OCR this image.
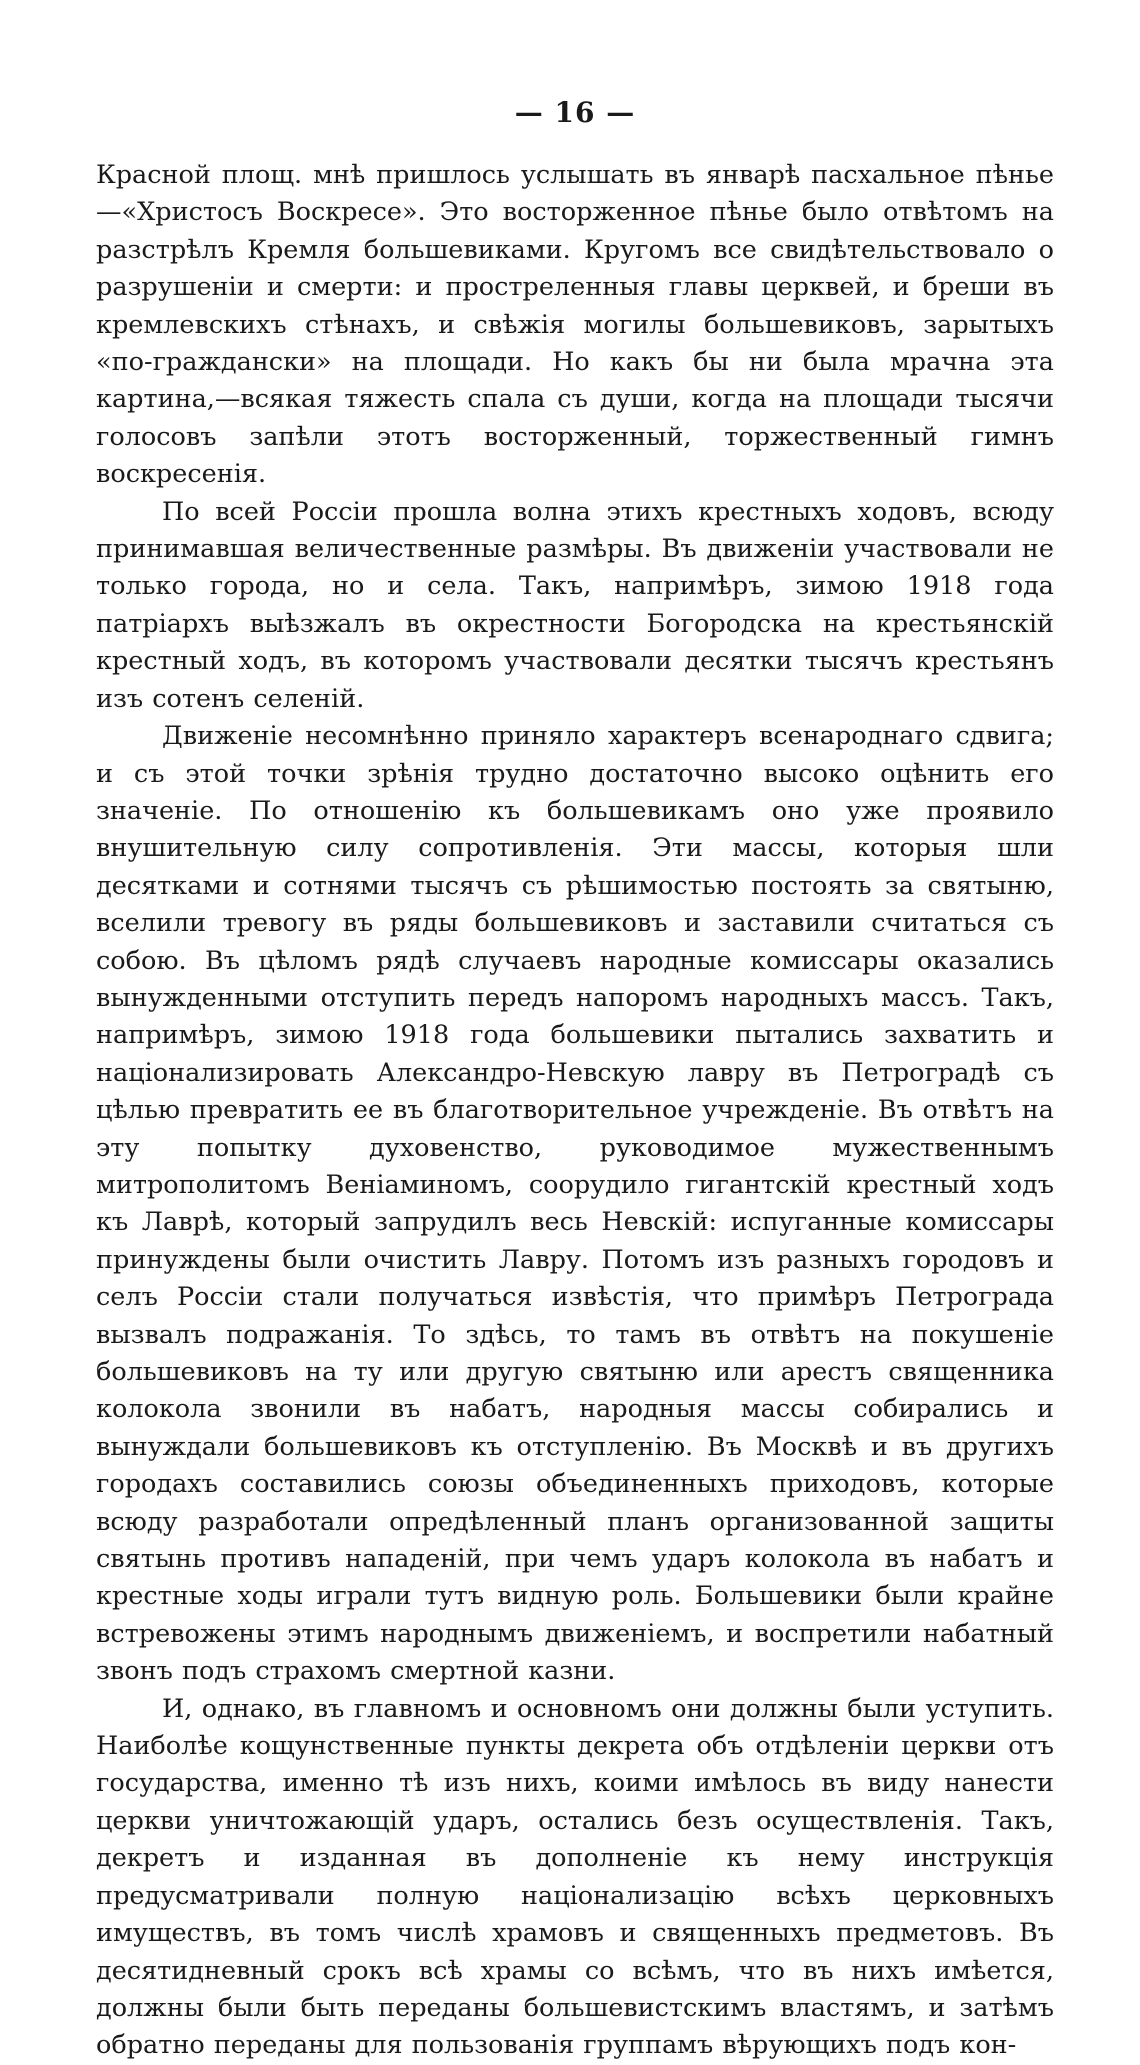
— 16 —

Красной площ. мнѣ пришлось услышать въ январѣ пасхальное пѣнье—«Христосъ Воскресе». Это восторженное пѣнье было отвѣтомъ на разстрѣлъ Кремля большевиками. Кругомъ все свидѣтельствовало о разрушенiи и смерти: и простреленныя главы церквей, и бреши въ кремлевскихъ стѣнахъ, и свѣжiя могилы большевиковъ, зарытыхъ «по-граждански» на площади. Но какъ бы ни была мрачна эта картина,—всякая тяжесть спала съ души, когда на площади тысячи голосовъ запѣли этотъ восторженный, торжественный гимнъ воскресенiя.

По всей Россiи прошла волна этихъ крестныхъ ходовъ, всюду принимавшая величественные размѣры. Въ движенiи участвовали не только города, но и села. Такъ, напримѣръ, зимою 1918 года патрiархъ выѣзжалъ въ окрестности Богородска на крестьянскiй крестный ходъ, въ которомъ участвовали десятки тысячъ крестьянъ изъ сотенъ селенiй.

Движенiе несомнѣнно приняло характеръ всенароднаго сдвига; и съ этой точки зрѣнiя трудно достаточно высоко оцѣнить его значенiе. По отношенiю къ большевикамъ оно уже проявило внушительную силу сопротивленiя. Эти массы, которыя шли десятками и сотнями тысячъ съ рѣшимостью постоять за святыню, вселили тревогу въ ряды большевиковъ и заставили считаться съ собою. Въ цѣломъ рядѣ случаевъ народные комиссары оказались вынужденными отступить передъ напоромъ народныхъ массъ. Такъ, напримѣръ, зимою 1918 года большевики пытались захватить и нацiонализировать Александро-Невскую лавру въ Петроградѣ съ цѣлью превратить ее въ благотворительное учрежденiе. Въ отвѣтъ на эту попытку духовенство, руководимое мужественнымъ митрополитомъ Венiаминомъ, соорудило гигантскiй крестный ходъ къ Лаврѣ, который запрудилъ весь Невскiй: испуганные комиссары принуждены были очистить Лавру. Потомъ изъ разныхъ городовъ и селъ Россiи стали получаться извѣстiя, что примѣръ Петрограда вызвалъ подражанiя. То здѣсь, то тамъ въ отвѣтъ на покушенiе большевиковъ на ту или другую святыню или арестъ священника колокола звонили въ набатъ, народныя массы собирались и вынуждали большевиковъ къ отступленiю. Въ Москвѣ и въ другихъ городахъ составились союзы объединенныхъ приходовъ, которые всюду разработали опредѣленный планъ организованной защиты святынь противъ нападенiй, при чемъ ударъ колокола въ набатъ и крестные ходы играли тутъ видную роль. Большевики были крайне встревожены этимъ народнымъ движенiемъ, и воспретили набатный звонъ подъ страхомъ смертной казни.

И, однако, въ главномъ и основномъ они должны были уступить. Наиболѣе кощунственные пункты декрета объ отдѣленiи церкви отъ государства, именно тѣ изъ нихъ, коими имѣлось въ виду нанести церкви уничтожающiй ударъ, остались безъ осуществленiя. Такъ, декретъ и изданная въ дополненiе къ нему инструкцiя предусматривали полную нацiонализацiю всѣхъ церковныхъ имуществъ, въ томъ числѣ храмовъ и священныхъ предметовъ. Въ десятидневный срокъ всѣ храмы со всѣмъ, что въ нихъ имѣется, должны были быть переданы большевистскимъ властямъ, и затѣмъ обратно переданы для пользованiя группамъ вѣрующихъ подъ кон-
